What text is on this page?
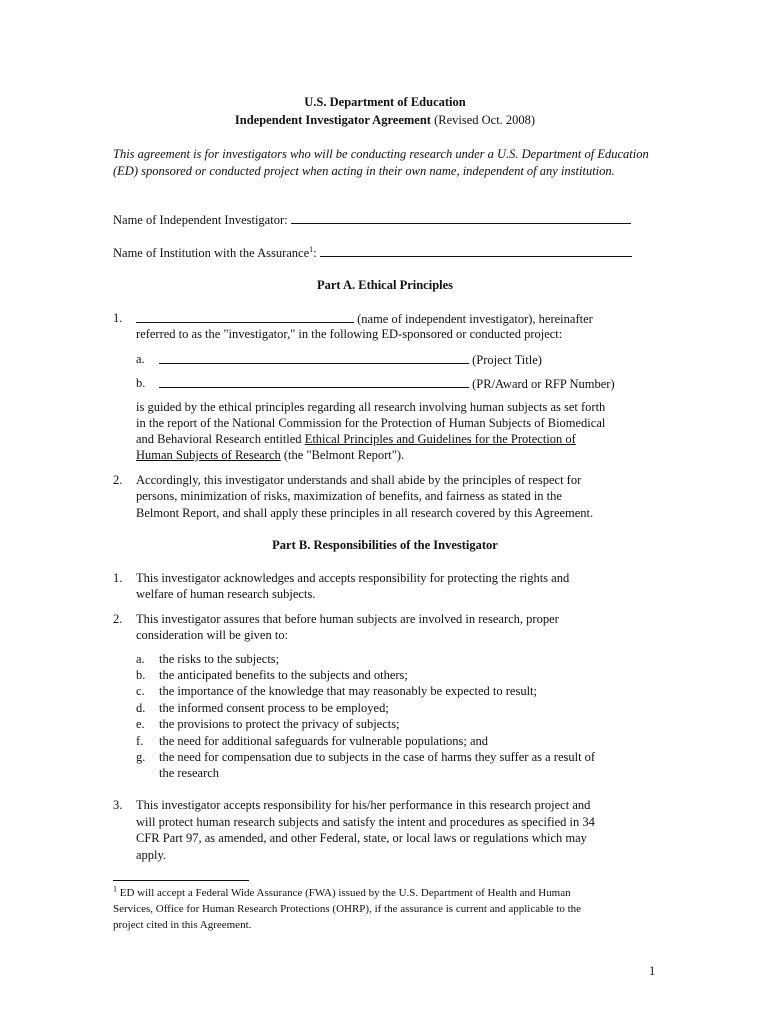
U.S. Department of Education
Independent Investigator Agreement (Revised Oct. 2008)
This agreement is for investigators who will be conducting research under a U.S. Department of Education (ED) sponsored or conducted project when acting in their own name, independent of any institution.
Name of Independent Investigator:
Name of Institution with the Assurance$^1$:
Part A. Ethical Principles
1.	(name of independent investigator), hereinafter
referred to as the "investigator," in the following ED-sponsored or conducted project:
a.	(Project Title)
b.	(PR/Award or RFP Number)
is guided by the ethical principles regarding all research involving human subjects as set forth
in the report of the National Commission for the Protection of Human Subjects of Biomedical
and Behavioral Research entitled Ethical Principles and Guidelines for the Protection of
Human Subjects of Research (the "Belmont Report").
2. Accordingly, this investigator understands and shall abide by the principles of respect for
persons, minimization of risks, maximization of benefits, and fairness as stated in the
Belmont Report, and shall apply these principles in all research covered by this Agreement.
Part B. Responsibilities of the Investigator
1. This investigator acknowledges and accepts responsibility for protecting the rights and
welfare of human research subjects.
2. This investigator assures that before human subjects are involved in research, proper
consideration will be given to:
a. the risks to the subjects;
b. the anticipated benefits to the subjects and others;
c. the importance of the knowledge that may reasonably be expected to result;
d. the informed consent process to be employed;
e. the provisions to protect the privacy of subjects;
f. the need for additional safeguards for vulnerable populations; and
g. the need for compensation due to subjects in the case of harms they suffer as a result of
the research
3. This investigator accepts responsibility for his/her performance in this research project and
will protect human research subjects and satisfy the intent and procedures as specified in 34
CFR Part 97, as amended, and other Federal, state, or local laws or regulations which may
apply.
$^1$ ED will accept a Federal Wide Assurance (FWA) issued by the U.S. Department of Health and Human
Services, Office for Human Research Protections (OHRP), if the assurance is current and applicable to the
project cited in this Agreement.
1
